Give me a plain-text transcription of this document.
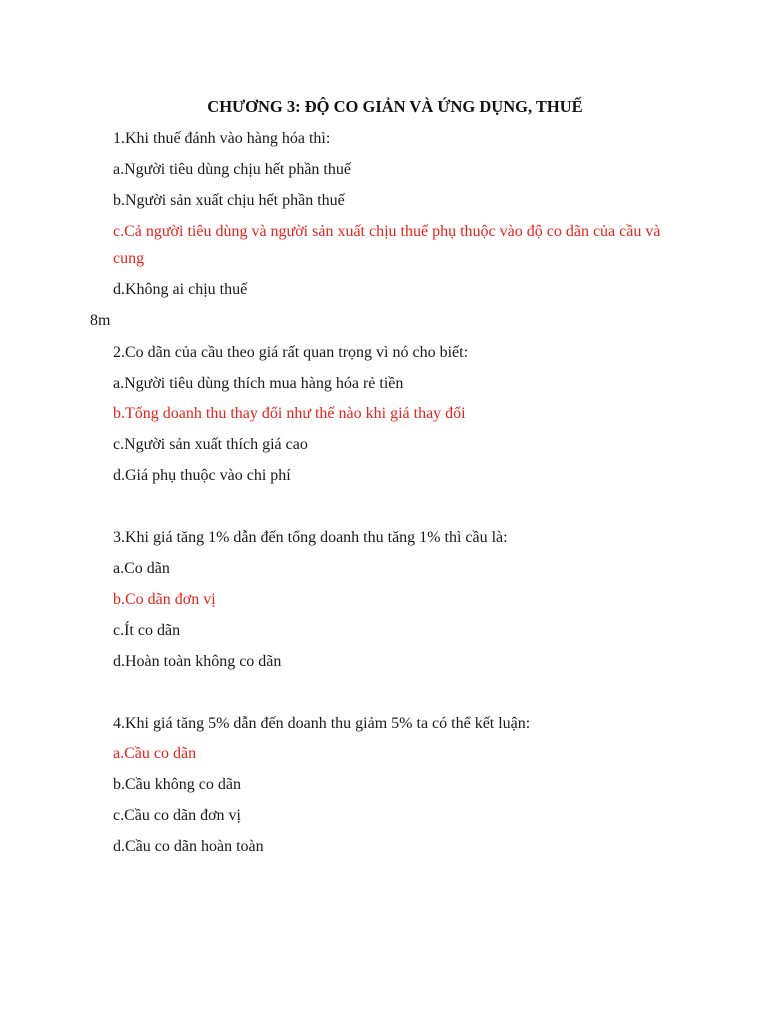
CHƯƠNG 3: ĐỘ CO GIẢN VÀ ỨNG DỤNG, THUẾ
1.Khi thuế đánh vào hàng hóa thì:
a.Người tiêu dùng chịu hết phần thuế
b.Người sản xuất chịu hết phần thuế
c.Cả người tiêu dùng và người sản xuất chịu thuế phụ thuộc vào độ co dãn của cầu và cung
d.Không ai chịu thuế
8m
2.Co dãn của cầu theo giá rất quan trọng vì nó cho biết:
a.Người tiêu dùng thích mua hàng hóa rẻ tiền
b.Tổng doanh thu thay đổi như thế nào khi giá thay đổi
c.Người sản xuất thích giá cao
d.Giá phụ thuộc vào chi phí
3.Khi giá tăng 1% dẫn đến tổng doanh thu tăng 1% thì cầu là:
a.Co dãn
b.Co dãn đơn vị
c.Ít co dãn
d.Hoàn toàn không co dãn
4.Khi giá tăng 5% dẫn đến doanh thu giảm 5% ta có thể kết luận:
a.Cầu co dãn
b.Cầu không co dãn
c.Cầu co dãn đơn vị
d.Cầu co dãn hoàn toàn
